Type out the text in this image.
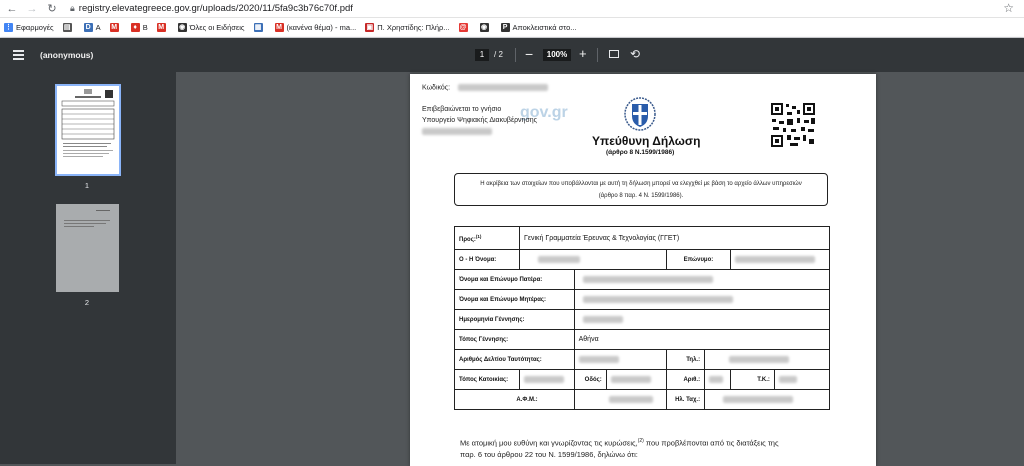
← → ↻	🔒︎ registry.elevategreece.gov.gr/uploads/2020/11/5fa9c3b76c70f.pdf	☆
⋮ Εφαρμογές ▤ D A M	♦ B M ◉ Όλες οι Ειδήσεις ▦ M (κανένα θέμα) - ma... ▣ Π. Χρηστίδης: Πλήρ... @ ◉	P Αποκλειστικά στο...
(anonymous)	1	/ 2 −	100% +	⟲
1
2
Κωδικός:
gov.gr
Επιβεβαιώνεται το γνήσιο
Υπουργείο Ψηφιακής Διακυβέρνησης
Υπεύθυνη Δήλωση
(άρθρο 8 Ν.1599/1986)
Η ακρίβεια των στοιχείων που υποβάλλονται με αυτή τη δήλωση μπορεί να ελεγχθεί με βάση το αρχείο άλλων υπηρεσιών
(άρθρο 8 παρ. 4 Ν. 1599/1986).
Προς:$^{(1)}$	Γενική Γραμματεία Έρευνας & Τεχνολογίας (ΓΓΕΤ)						
Ο - Η Όνομα:				Επώνυμο:			
Όνομα και Επώνυμο Πατέρα:							
Όνομα και Επώνυμο Μητέρας:							
Ημερομηνία Γέννησης:							
Τόπος Γέννησης:		Αθήνα					
Αριθμός Δελτίου Ταυτότητας:				Τηλ.:			
Τόπος Κατοικίας:		Οδός:		Αριθ.:		Τ.Κ.:	
Α.Φ.Μ.:				Ηλ. Ταχ.:			
Με ατομική μου ευθύνη και γνωρίζοντας τις κυρώσεις,$^{(2)}$ που προβλέπονται από τις διατάξεις της
παρ. 6 του άρθρου 22 του Ν. 1599/1986, δηλώνω ότι:
